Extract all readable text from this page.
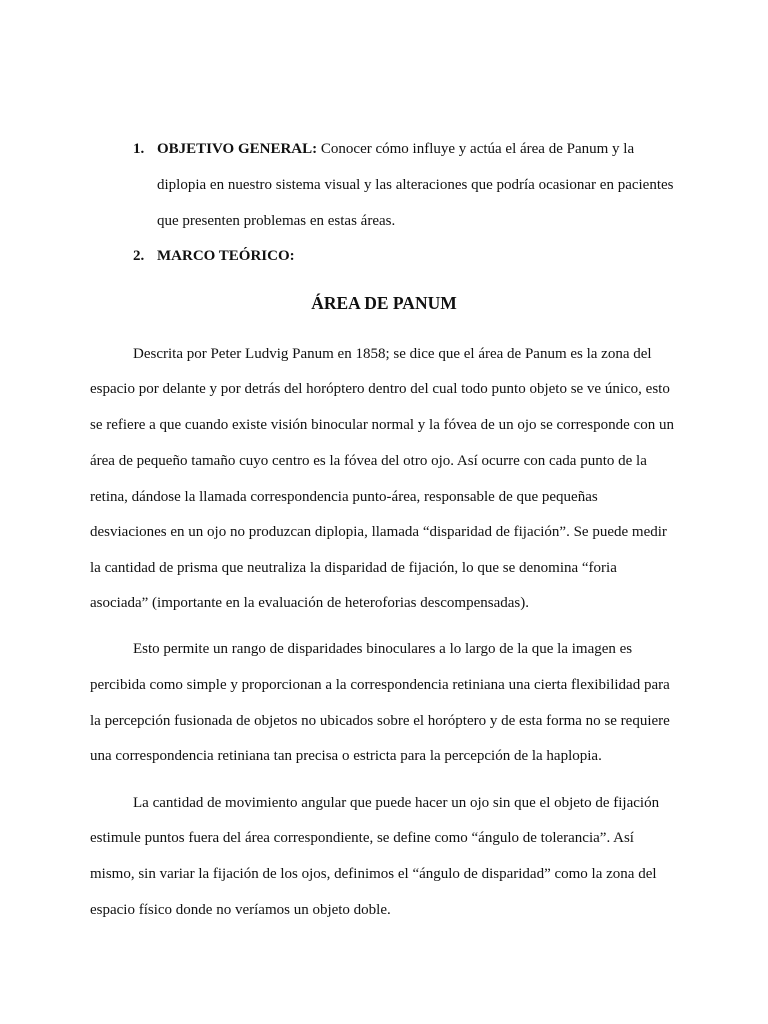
1. OBJETIVO GENERAL: Conocer cómo influye y actúa el área de Panum y la
diplopia en nuestro sistema visual y las alteraciones que podría ocasionar en pacientes
que presenten problemas en estas áreas.
2. MARCO TEÓRICO:
ÁREA DE PANUM
Descrita por Peter Ludvig Panum en 1858; se dice que el área de Panum es la zona del
espacio por delante y por detrás del horóptero dentro del cual todo punto objeto se ve único, esto
se refiere a que cuando existe visión binocular normal y la fóvea de un ojo se corresponde con un
área de pequeño tamaño cuyo centro es la fóvea del otro ojo. Así ocurre con cada punto de la
retina, dándose la llamada correspondencia punto-área, responsable de que pequeñas
desviaciones en un ojo no produzcan diplopia, llamada “disparidad de fijación”. Se puede medir
la cantidad de prisma que neutraliza la disparidad de fijación, lo que se denomina “foria
asociada” (importante en la evaluación de heteroforias descompensadas).
Esto permite un rango de disparidades binoculares a lo largo de la que la imagen es
percibida como simple y proporcionan a la correspondencia retiniana una cierta flexibilidad para
la percepción fusionada de objetos no ubicados sobre el horóptero y de esta forma no se requiere
una correspondencia retiniana tan precisa o estricta para la percepción de la haplopia.
La cantidad de movimiento angular que puede hacer un ojo sin que el objeto de fijación
estimule puntos fuera del área correspondiente, se define como “ángulo de tolerancia”. Así
mismo, sin variar la fijación de los ojos, definimos el “ángulo de disparidad” como la zona del
espacio físico donde no veríamos un objeto doble.
